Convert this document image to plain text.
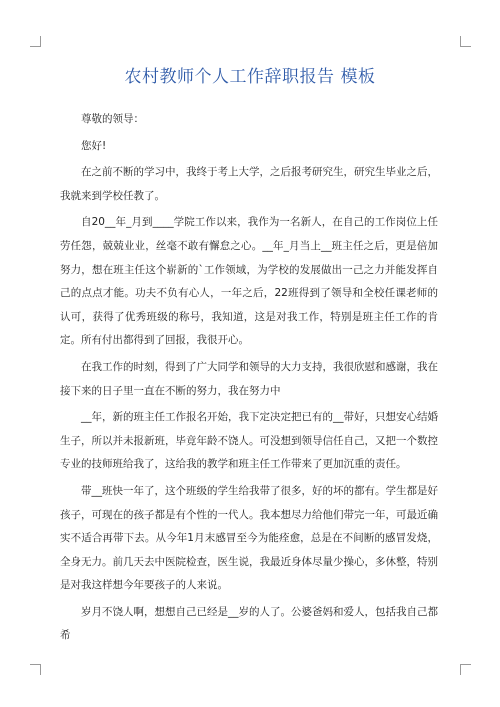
农村教师个人工作辞职报告 模板

尊敬的领导：

您好!

在之前不断的学习中，我终于考上大学，之后报考研究生，研究生毕业之后，我就来到学校任教了。

自20__年_月到____学院工作以来，我作为一名新人，在自己的工作岗位上任劳任怨，兢兢业业，丝毫不敢有懈怠之心。__年_月当上__班主任之后，更是倍加努力，想在班主任这个崭新的`工作领域，为学校的发展做出一己之力并能发挥自己的点点才能。功夫不负有心人，一年之后，22班得到了领导和全校任课老师的认可，获得了优秀班级的称号，我知道，这是对我工作，特别是班主任工作的肯定。所有付出都得到了回报，我很开心。

在我工作的时刻，得到了广大同学和领导的大力支持，我很欣慰和感谢，我在接下来的日子里一直在不断的努力，我在努力中

__年，新的班主任工作报名开始，我下定决定把已有的__带好，只想安心结婚生子，所以并未报新班，毕竟年龄不饶人。可没想到领导信任自己，又把一个数控专业的技师班给我了，这给我的教学和班主任工作带来了更加沉重的责任。

带__班快一年了，这个班级的学生给我带了很多，好的坏的都有。学生都是好孩子，可现在的孩子都是有个性的一代人。我本想尽力给他们带完一年，可最近确实不适合再带下去。从今年1月末感冒至今为能痊愈，总是在不间断的感冒发烧，全身无力。前几天去中医院检查，医生说，我最近身体尽量少操心，多休整，特别是对我这样想今年要孩子的人来说。

岁月不饶人啊，想想自己已经是__岁的人了。公婆爸妈和爱人，包括我自己都希
